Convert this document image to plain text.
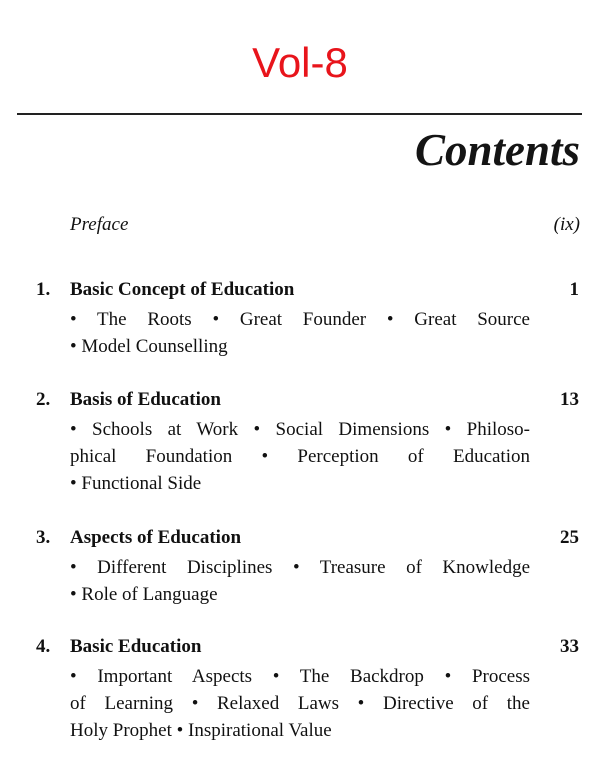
Vol-8
Contents
Preface	(ix)
1. Basic Concept of Education	1
• The Roots • Great Founder • Great Source
• Model Counselling
2. Basis of Education	13
• Schools at Work • Social Dimensions • Philoso-
phical Foundation • Perception of Education
• Functional Side
3. Aspects of Education	25
• Different Disciplines • Treasure of Knowledge
• Role of Language
4. Basic Education	33
• Important Aspects • The Backdrop • Process
of Learning • Relaxed Laws • Directive of the
Holy Prophet • Inspirational Value
